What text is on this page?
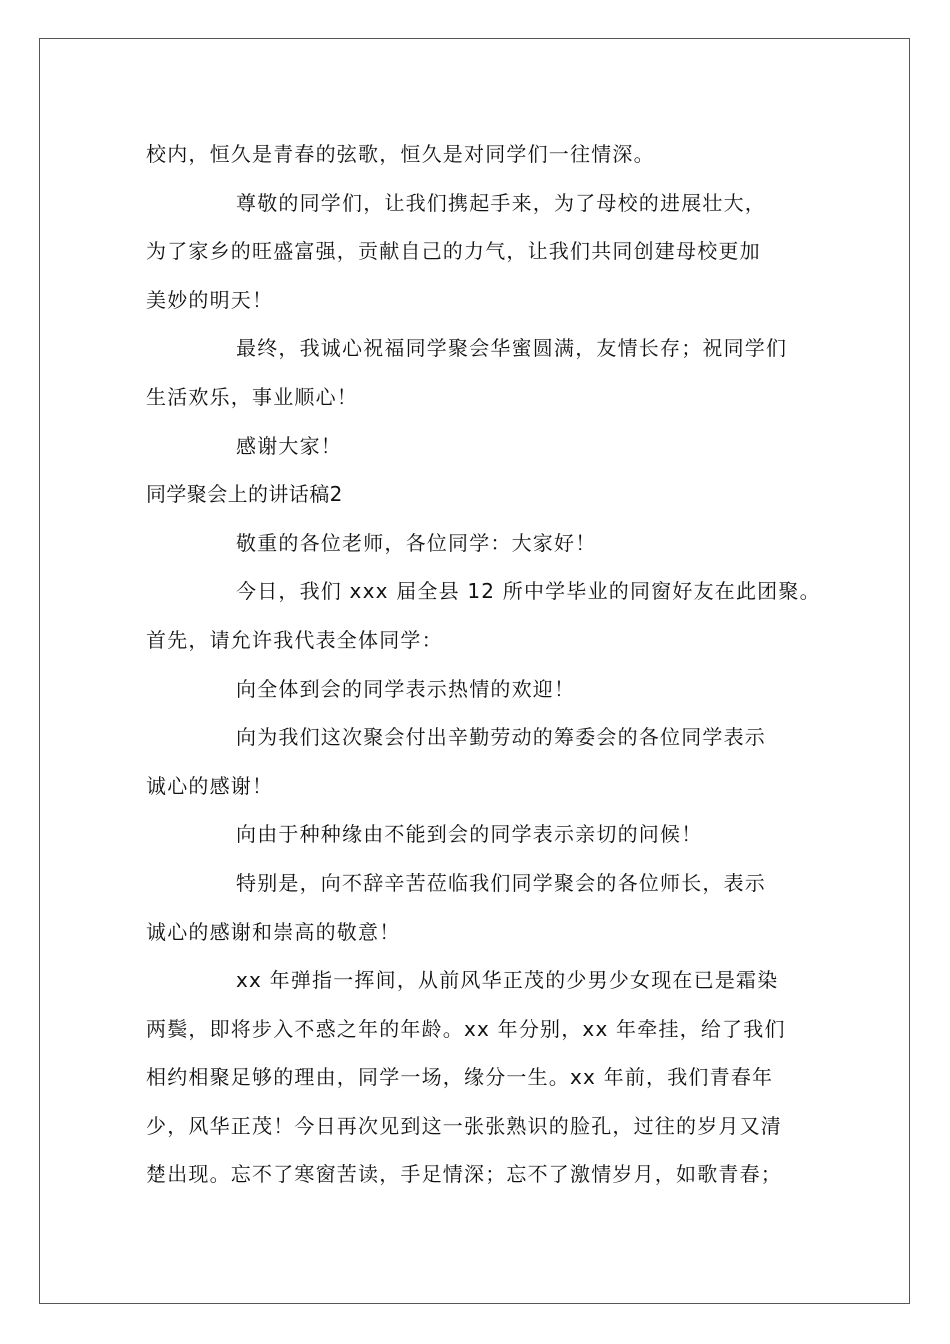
校内，恒久是青春的弦歌，恒久是对同学们一往情深。
尊敬的同学们，让我们携起手来，为了母校的进展壮大，
为了家乡的旺盛富强，贡献自己的力气，让我们共同创建母校更加
美妙的明天！
最终，我诚心祝福同学聚会华蜜圆满，友情长存；祝同学们
生活欢乐，事业顺心！
感谢大家！
同学聚会上的讲话稿2
敬重的各位老师，各位同学：大家好！
今日，我们 xxx 届全县 12 所中学毕业的同窗好友在此团聚。
首先，请允许我代表全体同学：
向全体到会的同学表示热情的欢迎！
向为我们这次聚会付出辛勤劳动的筹委会的各位同学表示
诚心的感谢！
向由于种种缘由不能到会的同学表示亲切的问候！
特别是，向不辞辛苦莅临我们同学聚会的各位师长，表示
诚心的感谢和崇高的敬意！
xx 年弹指一挥间，从前风华正茂的少男少女现在已是霜染
两鬓，即将步入不惑之年的年龄。xx 年分别，xx 年牵挂，给了我们
相约相聚足够的理由，同学一场，缘分一生。xx 年前，我们青春年
少，风华正茂！今日再次见到这一张张熟识的脸孔，过往的岁月又清
楚出现。忘不了寒窗苦读，手足情深；忘不了激情岁月，如歌青春；
